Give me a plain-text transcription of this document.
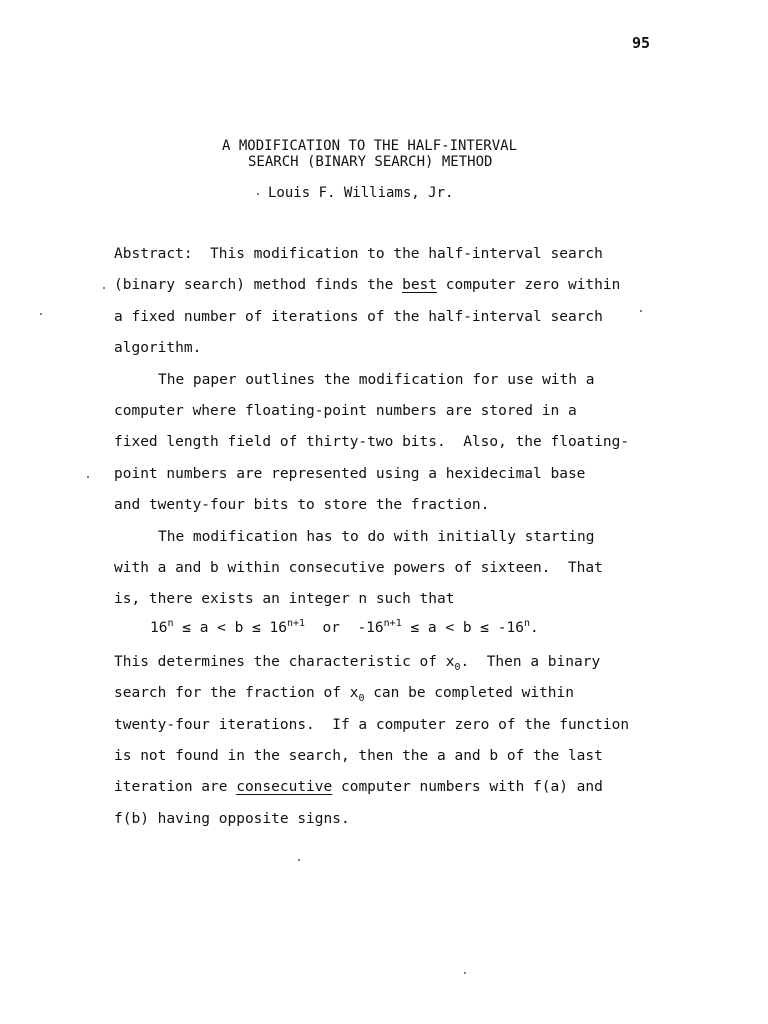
95
A MODIFICATION TO THE HALF-INTERVAL
SEARCH (BINARY SEARCH) METHOD
Louis F. Williams, Jr.
Abstract:  This modification to the half-interval search
(binary search) method finds the best computer zero within
a fixed number of iterations of the half-interval search
algorithm.
The paper outlines the modification for use with a
computer where floating-point numbers are stored in a
fixed length field of thirty-two bits.  Also, the floating-
point numbers are represented using a hexidecimal base
and twenty-four bits to store the fraction.
The modification has to do with initially starting
with a and b within consecutive powers of sixteen.  That
is, there exists an integer n such that
$16^n \le a < b \le 16^{n+1}$  or  $-16^{n+1} \le a < b \le -16^n$.
This determines the characteristic of $x_0$.  Then a binary
search for the fraction of $x_0$ can be completed within
twenty-four iterations.  If a computer zero of the function
is not found in the search, then the a and b of the last
iteration are consecutive computer numbers with f(a) and
f(b) having opposite signs.
